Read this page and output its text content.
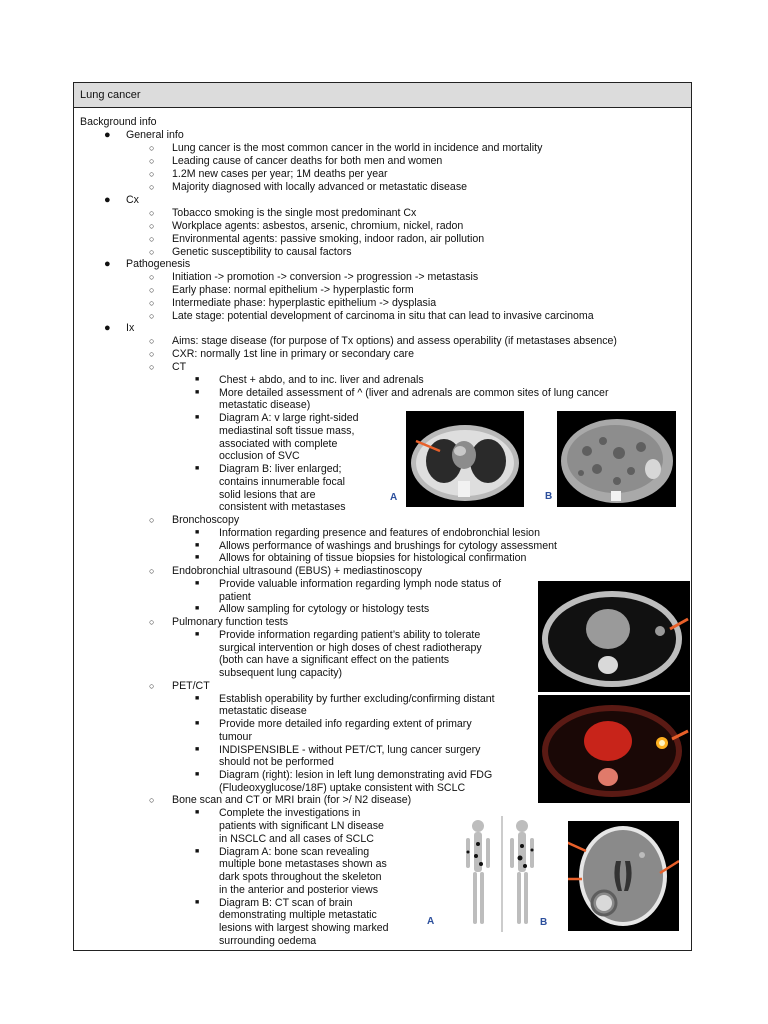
Lung cancer
Background info
● General info
○ Lung cancer is the most common cancer in the world in incidence and mortality
○ Leading cause of cancer deaths for both men and women
○ 1.2M new cases per year; 1M deaths per year
○ Majority diagnosed with locally advanced or metastatic disease
● Cx
○ Tobacco smoking is the single most predominant Cx
○ Workplace agents: asbestos, arsenic, chromium, nickel, radon
○ Environmental agents: passive smoking, indoor radon, air pollution
○ Genetic susceptibility to causal factors
● Pathogenesis
○ Initiation -> promotion -> conversion -> progression -> metastasis
○ Early phase: normal epithelium -> hyperplastic form
○ Intermediate phase: hyperplastic epithelium -> dysplasia
○ Late stage: potential development of carcinoma in situ that can lead to invasive carcinoma
● Ix
○ Aims: stage disease (for purpose of Tx options) and assess operability (if metastases absence)
○ CXR: normally 1st line in primary or secondary care
○ CT
■ Chest + abdo, and to inc. liver and adrenals
■ More detailed assessment of ^ (liver and adrenals are common sites of lung cancer
metastatic disease)
■ Diagram A: v large right-sided
mediastinal soft tissue mass,
associated with complete
occlusion of SVC
■ Diagram B: liver enlarged;
contains innumerable focal
solid lesions that are
consistent with metastases
A	B
○ Bronchoscopy
■ Information regarding presence and features of endobronchial lesion
■ Allows performance of washings and brushings for cytology assessment
■ Allows for obtaining of tissue biopsies for histological confirmation
○ Endobronchial ultrasound (EBUS) + mediastinoscopy
■ Provide valuable information regarding lymph node status of
patient
■ Allow sampling for cytology or histology tests
○ Pulmonary function tests
■ Provide information regarding patient’s ability to tolerate
surgical intervention or high doses of chest radiotherapy
(both can have a significant effect on the patients
subsequent lung capacity)
○ PET/CT
■ Establish operability by further excluding/confirming distant
metastatic disease
■ Provide more detailed info regarding extent of primary
tumour
■ INDISPENSIBLE - without PET/CT, lung cancer surgery
should not be performed
■ Diagram (right): lesion in left lung demonstrating avid FDG
(Fludeoxyglucose/18F) uptake consistent with SCLC
○ Bone scan and CT or MRI brain (for >/ N2 disease)
■ Complete the investigations in
patients with significant LN disease
in NSCLC and all cases of SCLC
■ Diagram A: bone scan revealing
multiple bone metastases shown as
dark spots throughout the skeleton
in the anterior and posterior views
■ Diagram B: CT scan of brain
demonstrating multiple metastatic
lesions with largest showing marked
surrounding oedema
A	B
